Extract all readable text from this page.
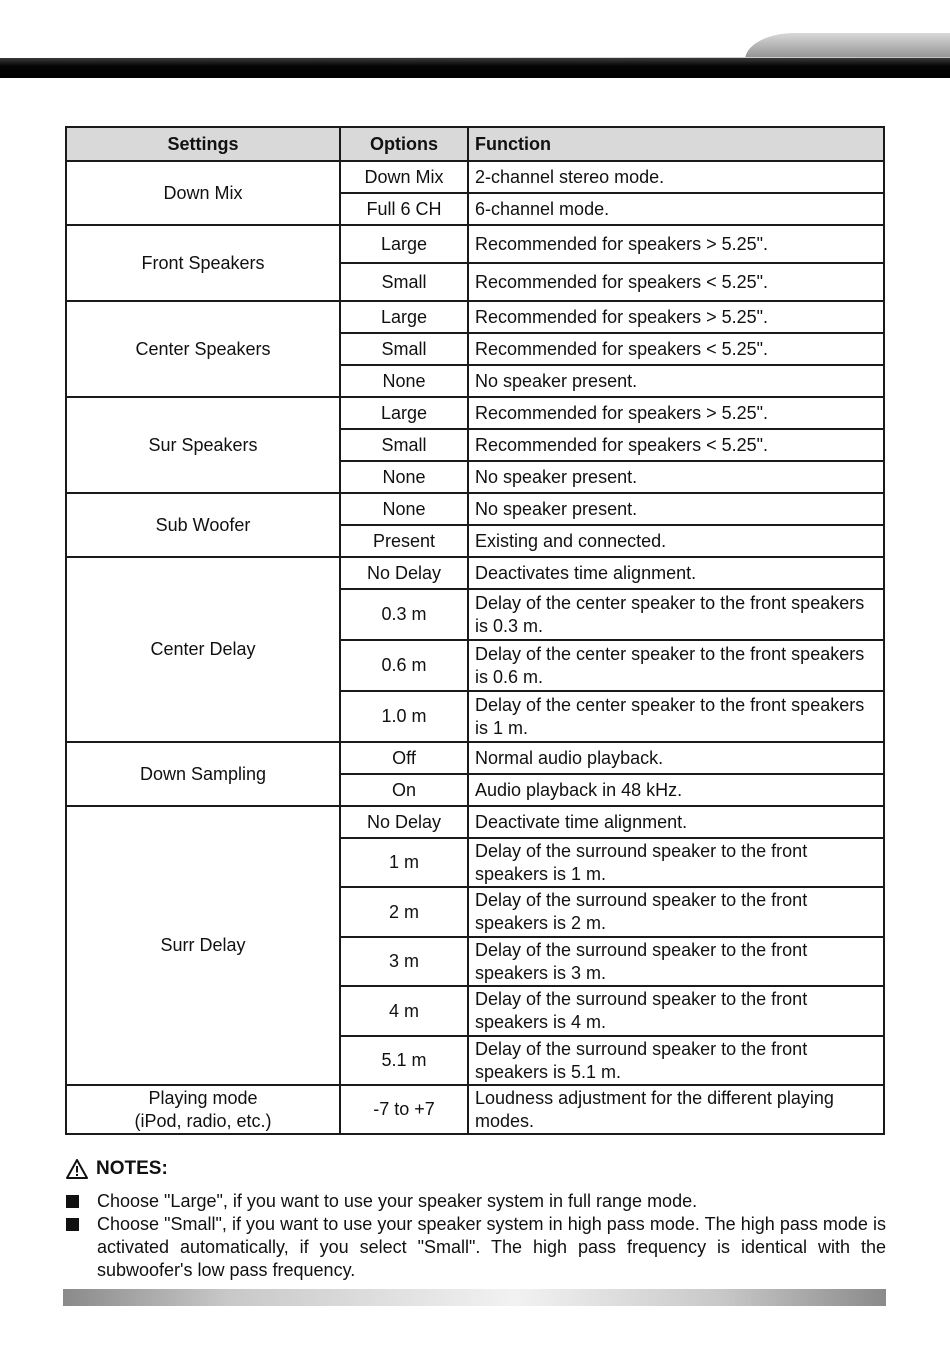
Settings	Options	Function
Down Mix	Down Mix	2-channel stereo mode.
	Full 6 CH	6-channel mode.
Front Speakers	Large	Recommended for speakers > 5.25".
	Small	Recommended for speakers < 5.25".
Center Speakers	Large	Recommended for speakers > 5.25".
	Small	Recommended for speakers < 5.25".
	None	No speaker present.
Sur Speakers	Large	Recommended for speakers > 5.25".
	Small	Recommended for speakers < 5.25".
	None	No speaker present.
Sub Woofer	None	No speaker present.
	Present	Existing and connected.
Center Delay	No Delay	Deactivates time alignment.
	0.3 m	Delay of the center speaker to the front speakers is 0.3 m.
	0.6 m	Delay of the center speaker to the front speakers is 0.6 m.
	1.0 m	Delay of the center speaker to the front speakers is 1 m.
Down Sampling	Off	Normal audio playback.
	On	Audio playback in 48 kHz.
Surr Delay	No Delay	Deactivate time alignment.
	1 m	Delay of the surround speaker to the front speakers is 1 m.
	2 m	Delay of the surround speaker to the front speakers is 2 m.
	3 m	Delay of the surround speaker to the front speakers is 3 m.
	4 m	Delay of the surround speaker to the front speakers is 4 m.
	5.1 m	Delay of the surround speaker to the front speakers is 5.1 m.
Playing mode
(iPod, radio, etc.)	-7 to +7	Loudness adjustment for the different playing modes.
NOTES:
Choose "Large", if you want to use your speaker system in full range mode.
Choose "Small", if you want to use your speaker system in high pass mode. The high pass mode is activated automatically, if you select "Small". The high pass frequency is identical with the subwoofer's low pass frequency.
